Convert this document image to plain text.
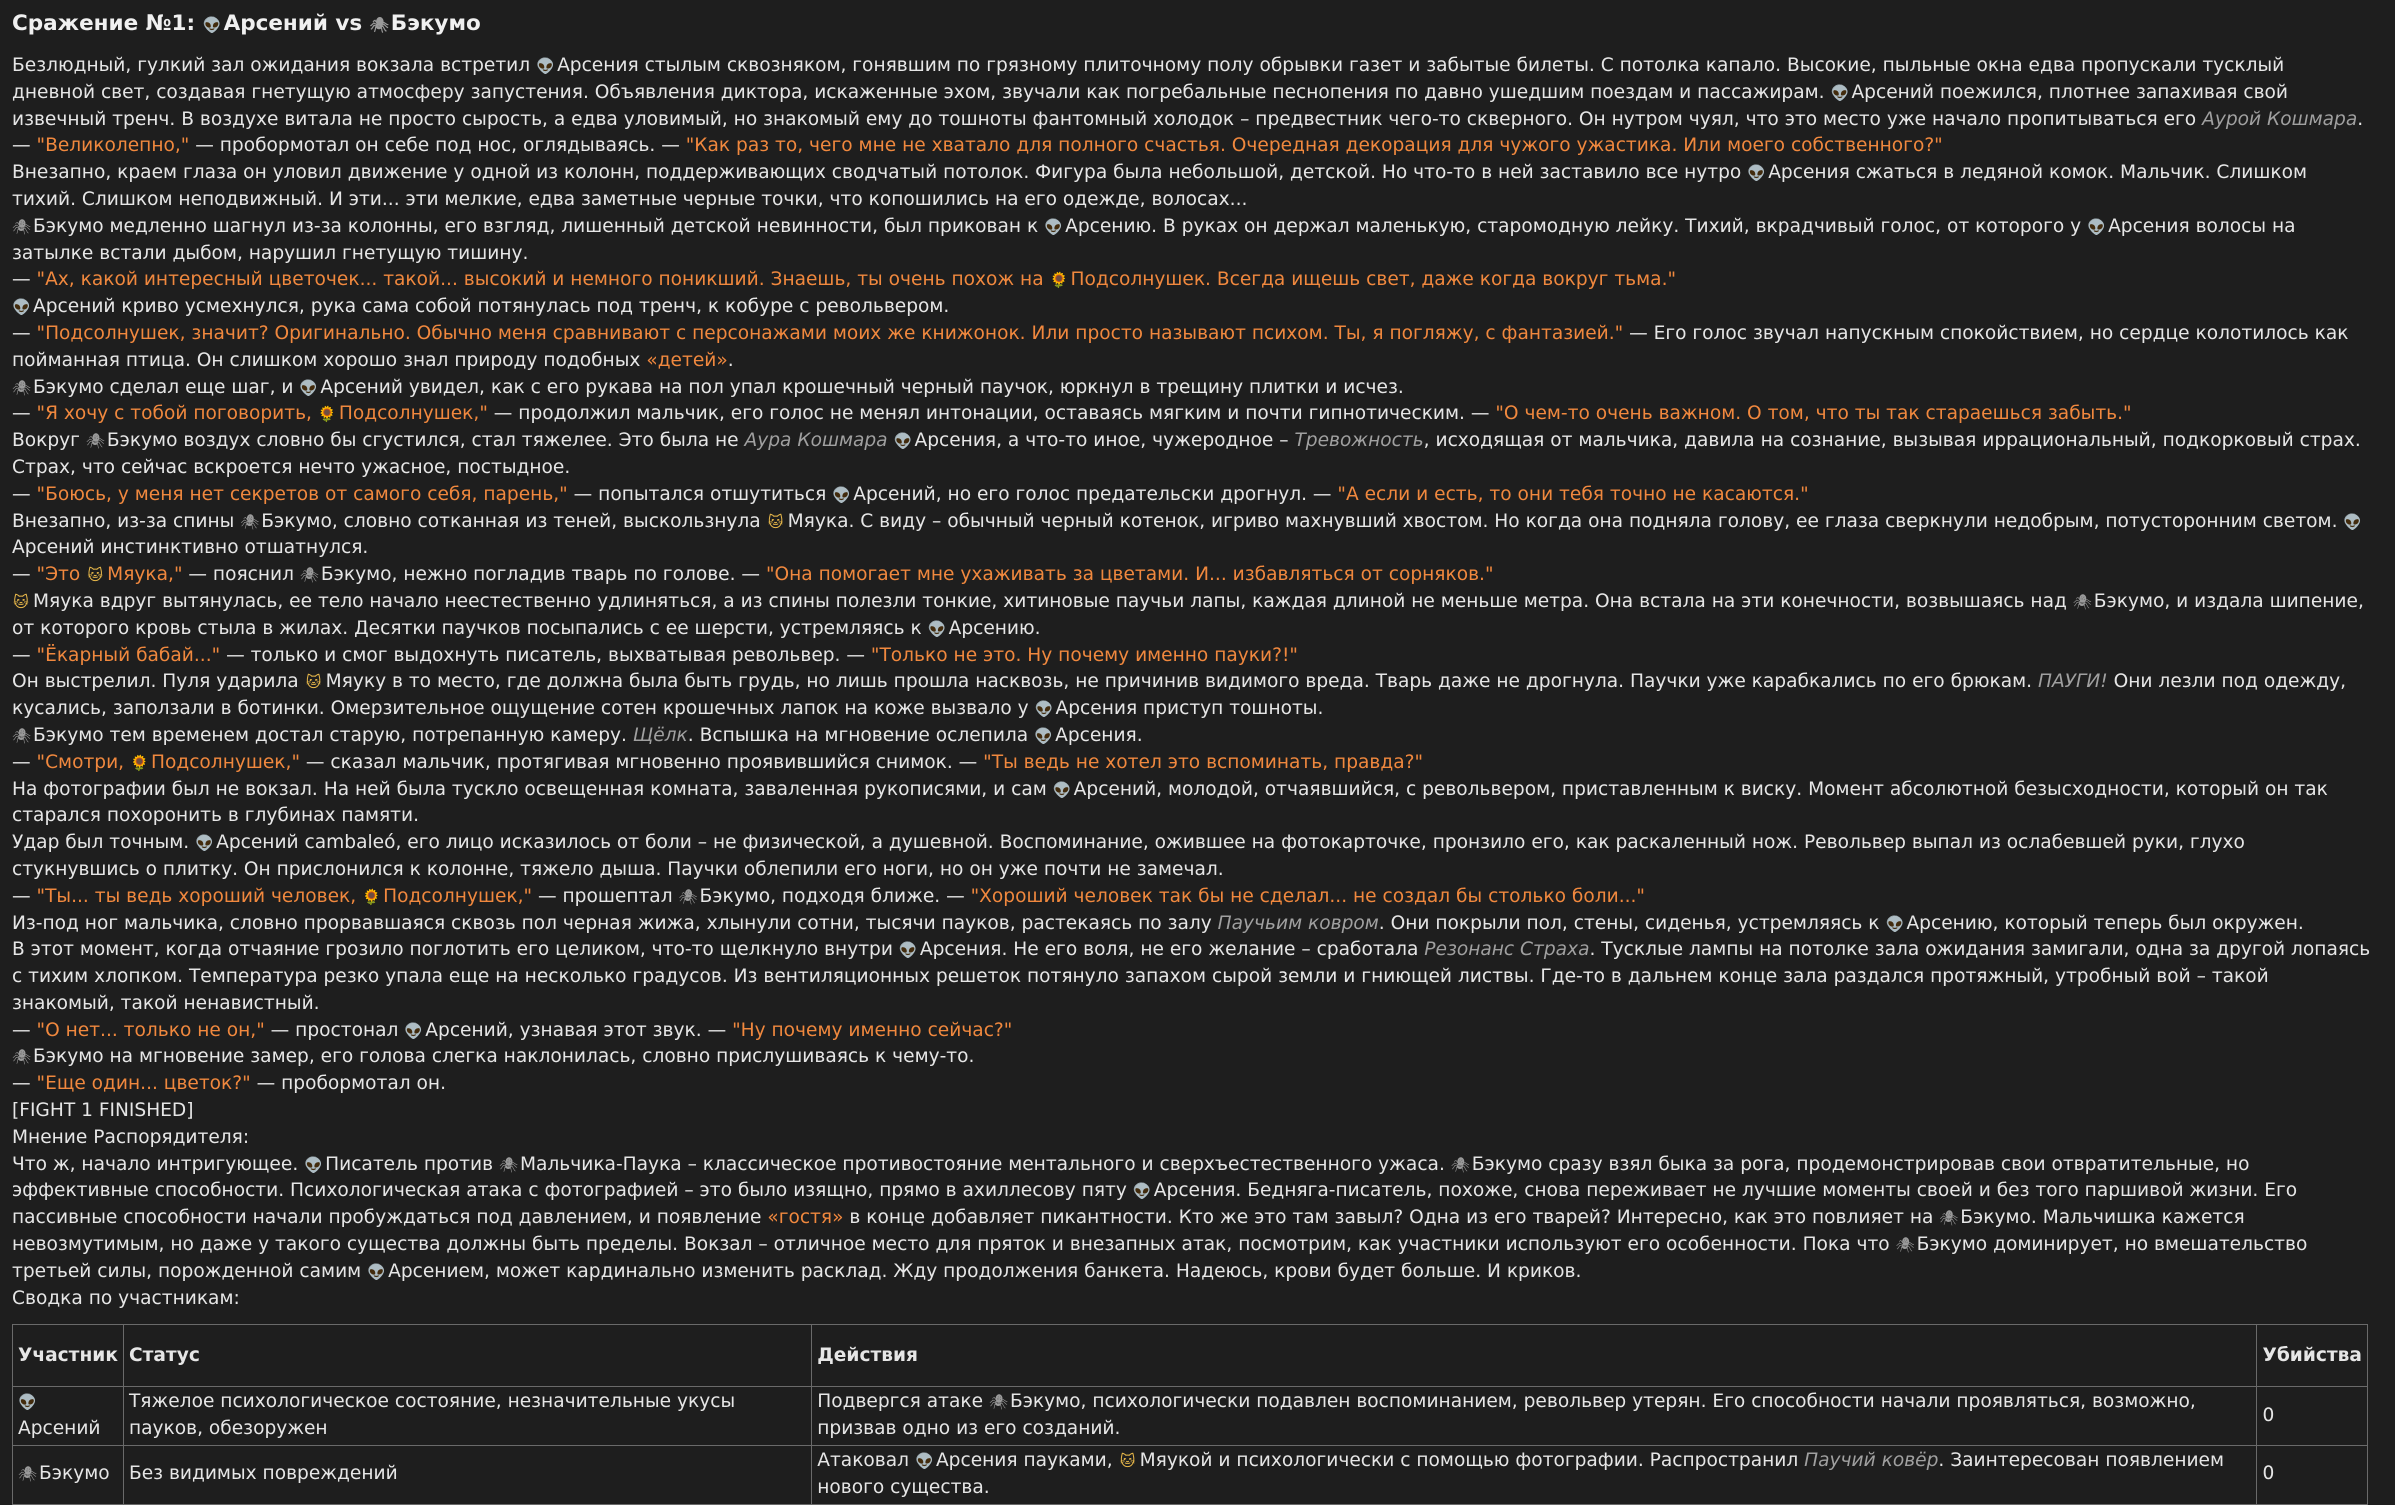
Сражение №1: 👽 Арсений vs 🕷Бэкумо

Безлюдный, гулкий зал ожидания вокзала встретил 👽 Арсения стылым сквозняком, гонявшим по грязному плиточному полу обрывки газет и забытые билеты. С потолка капало. Высокие, пыльные окна едва пропускали тусклый дневной свет, создавая гнетущую атмосферу запустения. Объявления диктора, искаженные эхом, звучали как погребальные песнопения по давно ушедшим поездам и пассажирам. 👽 Арсений поежился, плотнее запахивая свой извечный тренч. В воздухе витала не просто сырость, а едва уловимый, но знакомый ему до тошноты фантомный холодок – предвестник чего-то скверного. Он нутром чуял, что это место уже начало пропитываться его Аурой Кошмара.

— "Великолепно," — пробормотал он себе под нос, оглядываясь. — "Как раз то, чего мне не хватало для полного счастья. Очередная декорация для чужого ужастика. Или моего собственного?"

Внезапно, краем глаза он уловил движение у одной из колонн, поддерживающих сводчатый потолок. Фигура была небольшой, детской. Но что-то в ней заставило все нутро 👽 Арсения сжаться в ледяной комок. Мальчик. Слишком тихий. Слишком неподвижный. И эти... эти мелкие, едва заметные черные точки, что копошились на его одежде, волосах...

🕷 Бэкумо медленно шагнул из-за колонны, его взгляд, лишенный детской невинности, был прикован к 👽 Арсению. В руках он держал маленькую, старомодную лейку. Тихий, вкрадчивый голос, от которого у 👽 Арсения волосы на затылке встали дыбом, нарушил гнетущую тишину.

— "Ах, какой интересный цветочек... такой... высокий и немного поникший. Знаешь, ты очень похож на 🌻 Подсолнушек. Всегда ищешь свет, даже когда вокруг тьма."

👽 Арсений криво усмехнулся, рука сама собой потянулась под тренч, к кобуре с револьвером.

— "Подсолнушек, значит? Оригинально. Обычно меня сравнивают с персонажами моих же книжонок. Или просто называют психом. Ты, я погляжу, с фантазией." — Его голос звучал напускным спокойствием, но сердце колотилось как пойманная птица. Он слишком хорошо знал природу подобных «детей».

🕷 Бэкумо сделал еще шаг, и 👽 Арсений увидел, как с его рукава на пол упал крошечный черный паучок, юркнул в трещину плитки и исчез.

— "Я хочу с тобой поговорить, 🌻 Подсолнушек," — продолжил мальчик, его голос не менял интонации, оставаясь мягким и почти гипнотическим. — "О чем-то очень важном. О том, что ты так стараешься забыть."

Вокруг 🕷 Бэкумо воздух словно бы сгустился, стал тяжелее. Это была не Аура Кошмара 👽 Арсения, а что-то иное, чужеродное – Тревожность, исходящая от мальчика, давила на сознание, вызывая иррациональный, подкорковый страх. Страх, что сейчас вскроется нечто ужасное, постыдное.

— "Боюсь, у меня нет секретов от самого себя, парень," — попытался отшутиться 👽 Арсений, но его голос предательски дрогнул. — "А если и есть, то они тебя точно не касаются."

Внезапно, из-за спины 🕷 Бэкумо, словно сотканная из теней, выскользнула 🐱 Мяука. С виду – обычный черный котенок, игриво махнувший хвостом. Но когда она подняла голову, ее глаза сверкнули недобрым, потусторонним светом. 👽Арсений инстинктивно отшатнулся.

— "Это 🐱 Мяука," — пояснил 🕷 Бэкумо, нежно погладив тварь по голове. — "Она помогает мне ухаживать за цветами. И... избавляться от сорняков."

🐱 Мяука вдруг вытянулась, ее тело начало неестественно удлиняться, а из спины полезли тонкие, хитиновые паучьи лапы, каждая длиной не меньше метра. Она встала на эти конечности, возвышаясь над 🕷 Бэкумо, и издала шипение, от которого кровь стыла в жилах. Десятки паучков посыпались с ее шерсти, устремляясь к 👽 Арсению.

— "Ёкарный бабай..." — только и смог выдохнуть писатель, выхватывая револьвер. — "Только не это. Ну почему именно пауки?!"

Он выстрелил. Пуля ударила 🐱 Мяуку в то место, где должна была быть грудь, но лишь прошла насквозь, не причинив видимого вреда. Тварь даже не дрогнула. Паучки уже карабкались по его брюкам. ПАУГИ! Они лезли под одежду, кусались, заползали в ботинки. Омерзительное ощущение сотен крошечных лапок на коже вызвало у 👽 Арсения приступ тошноты.

🕷 Бэкумо тем временем достал старую, потрепанную камеру. Щёлк. Вспышка на мгновение ослепила 👽 Арсения.

— "Смотри, 🌻 Подсолнушек," — сказал мальчик, протягивая мгновенно проявившийся снимок. — "Ты ведь не хотел это вспоминать, правда?"

На фотографии был не вокзал. На ней была тускло освещенная комната, заваленная рукописями, и сам 👽 Арсений, молодой, отчаявшийся, с револьвером, приставленным к виску. Момент абсолютной безысходности, который он так старался похоронить в глубинах памяти.

Удар был точным. 👽 Арсений cambaleó, его лицо исказилось от боли – не физической, а душевной. Воспоминание, ожившее на фотокарточке, пронзило его, как раскаленный нож. Револьвер выпал из ослабевшей руки, глухо стукнувшись о плитку. Он прислонился к колонне, тяжело дыша. Паучки облепили его ноги, но он уже почти не замечал.

— "Ты... ты ведь хороший человек, 🌻 Подсолнушек," — прошептал 🕷 Бэкумо, подходя ближе. — "Хороший человек так бы не сделал... не создал бы столько боли..."

Из-под ног мальчика, словно прорвавшаяся сквозь пол черная жижа, хлынули сотни, тысячи пауков, растекаясь по залу Паучьим ковром. Они покрыли пол, стены, сиденья, устремляясь к 👽 Арсению, который теперь был окружен.

В этот момент, когда отчаяние грозило поглотить его целиком, что-то щелкнуло внутри 👽 Арсения. Не его воля, не его желание – сработала Резонанс Страха. Тусклые лампы на потолке зала ожидания замигали, одна за другой лопаясь с тихим хлопком. Температура резко упала еще на несколько градусов. Из вентиляционных решеток потянуло запахом сырой земли и гниющей листвы. Где-то в дальнем конце зала раздался протяжный, утробный вой – такой знакомый, такой ненавистный.

— "О нет... только не он," — простонал 👽 Арсений, узнавая этот звук. — "Ну почему именно сейчас?"

🕷 Бэкумо на мгновение замер, его голова слегка наклонилась, словно прислушиваясь к чему-то.

— "Еще один... цветок?" — пробормотал он.

[FIGHT 1 FINISHED]

Мнение Распорядителя:

Что ж, начало интригующее. 👽 Писатель против 🕷 Мальчика-Паука – классическое противостояние ментального и сверхъестественного ужаса. 🕷 Бэкумо сразу взял быка за рога, продемонстрировав свои отвратительные, но эффективные способности. Психологическая атака с фотографией – это было изящно, прямо в ахиллесову пяту 👽 Арсения. Бедняга-писатель, похоже, снова переживает не лучшие моменты своей и без того паршивой жизни. Его пассивные способности начали пробуждаться под давлением, и появление «гостя» в конце добавляет пикантности. Кто же это там завыл? Одна из его тварей? Интересно, как это повлияет на 🕷 Бэкумо. Мальчишка кажется невозмутимым, но даже у такого существа должны быть пределы. Вокзал – отличное место для пряток и внезапных атак, посмотрим, как участники используют его особенности. Пока что 🕷 Бэкумо доминирует, но вмешательство третьей силы, порожденной самим 👽 Арсением, может кардинально изменить расклад. Жду продолжения банкета. Надеюсь, крови будет больше. И криков.

Сводка по участникам:

Участник	Статус	Действия	Убийства
👽
Арсений	Тяжелое психологическое состояние, незначительные укусы пауков, обезоружен	Подвергся атаке 🕷 Бэкумо, психологически подавлен воспоминанием, револьвер утерян. Его способности начали проявляться, возможно, призвав одно из его созданий.	0
🕷 Бэкумо	Без видимых повреждений	Атаковал 👽 Арсения пауками, 🐱 Мяукой и психологически с помощью фотографии. Распространил Паучий ковёр. Заинтересован появлением нового существа.	0
